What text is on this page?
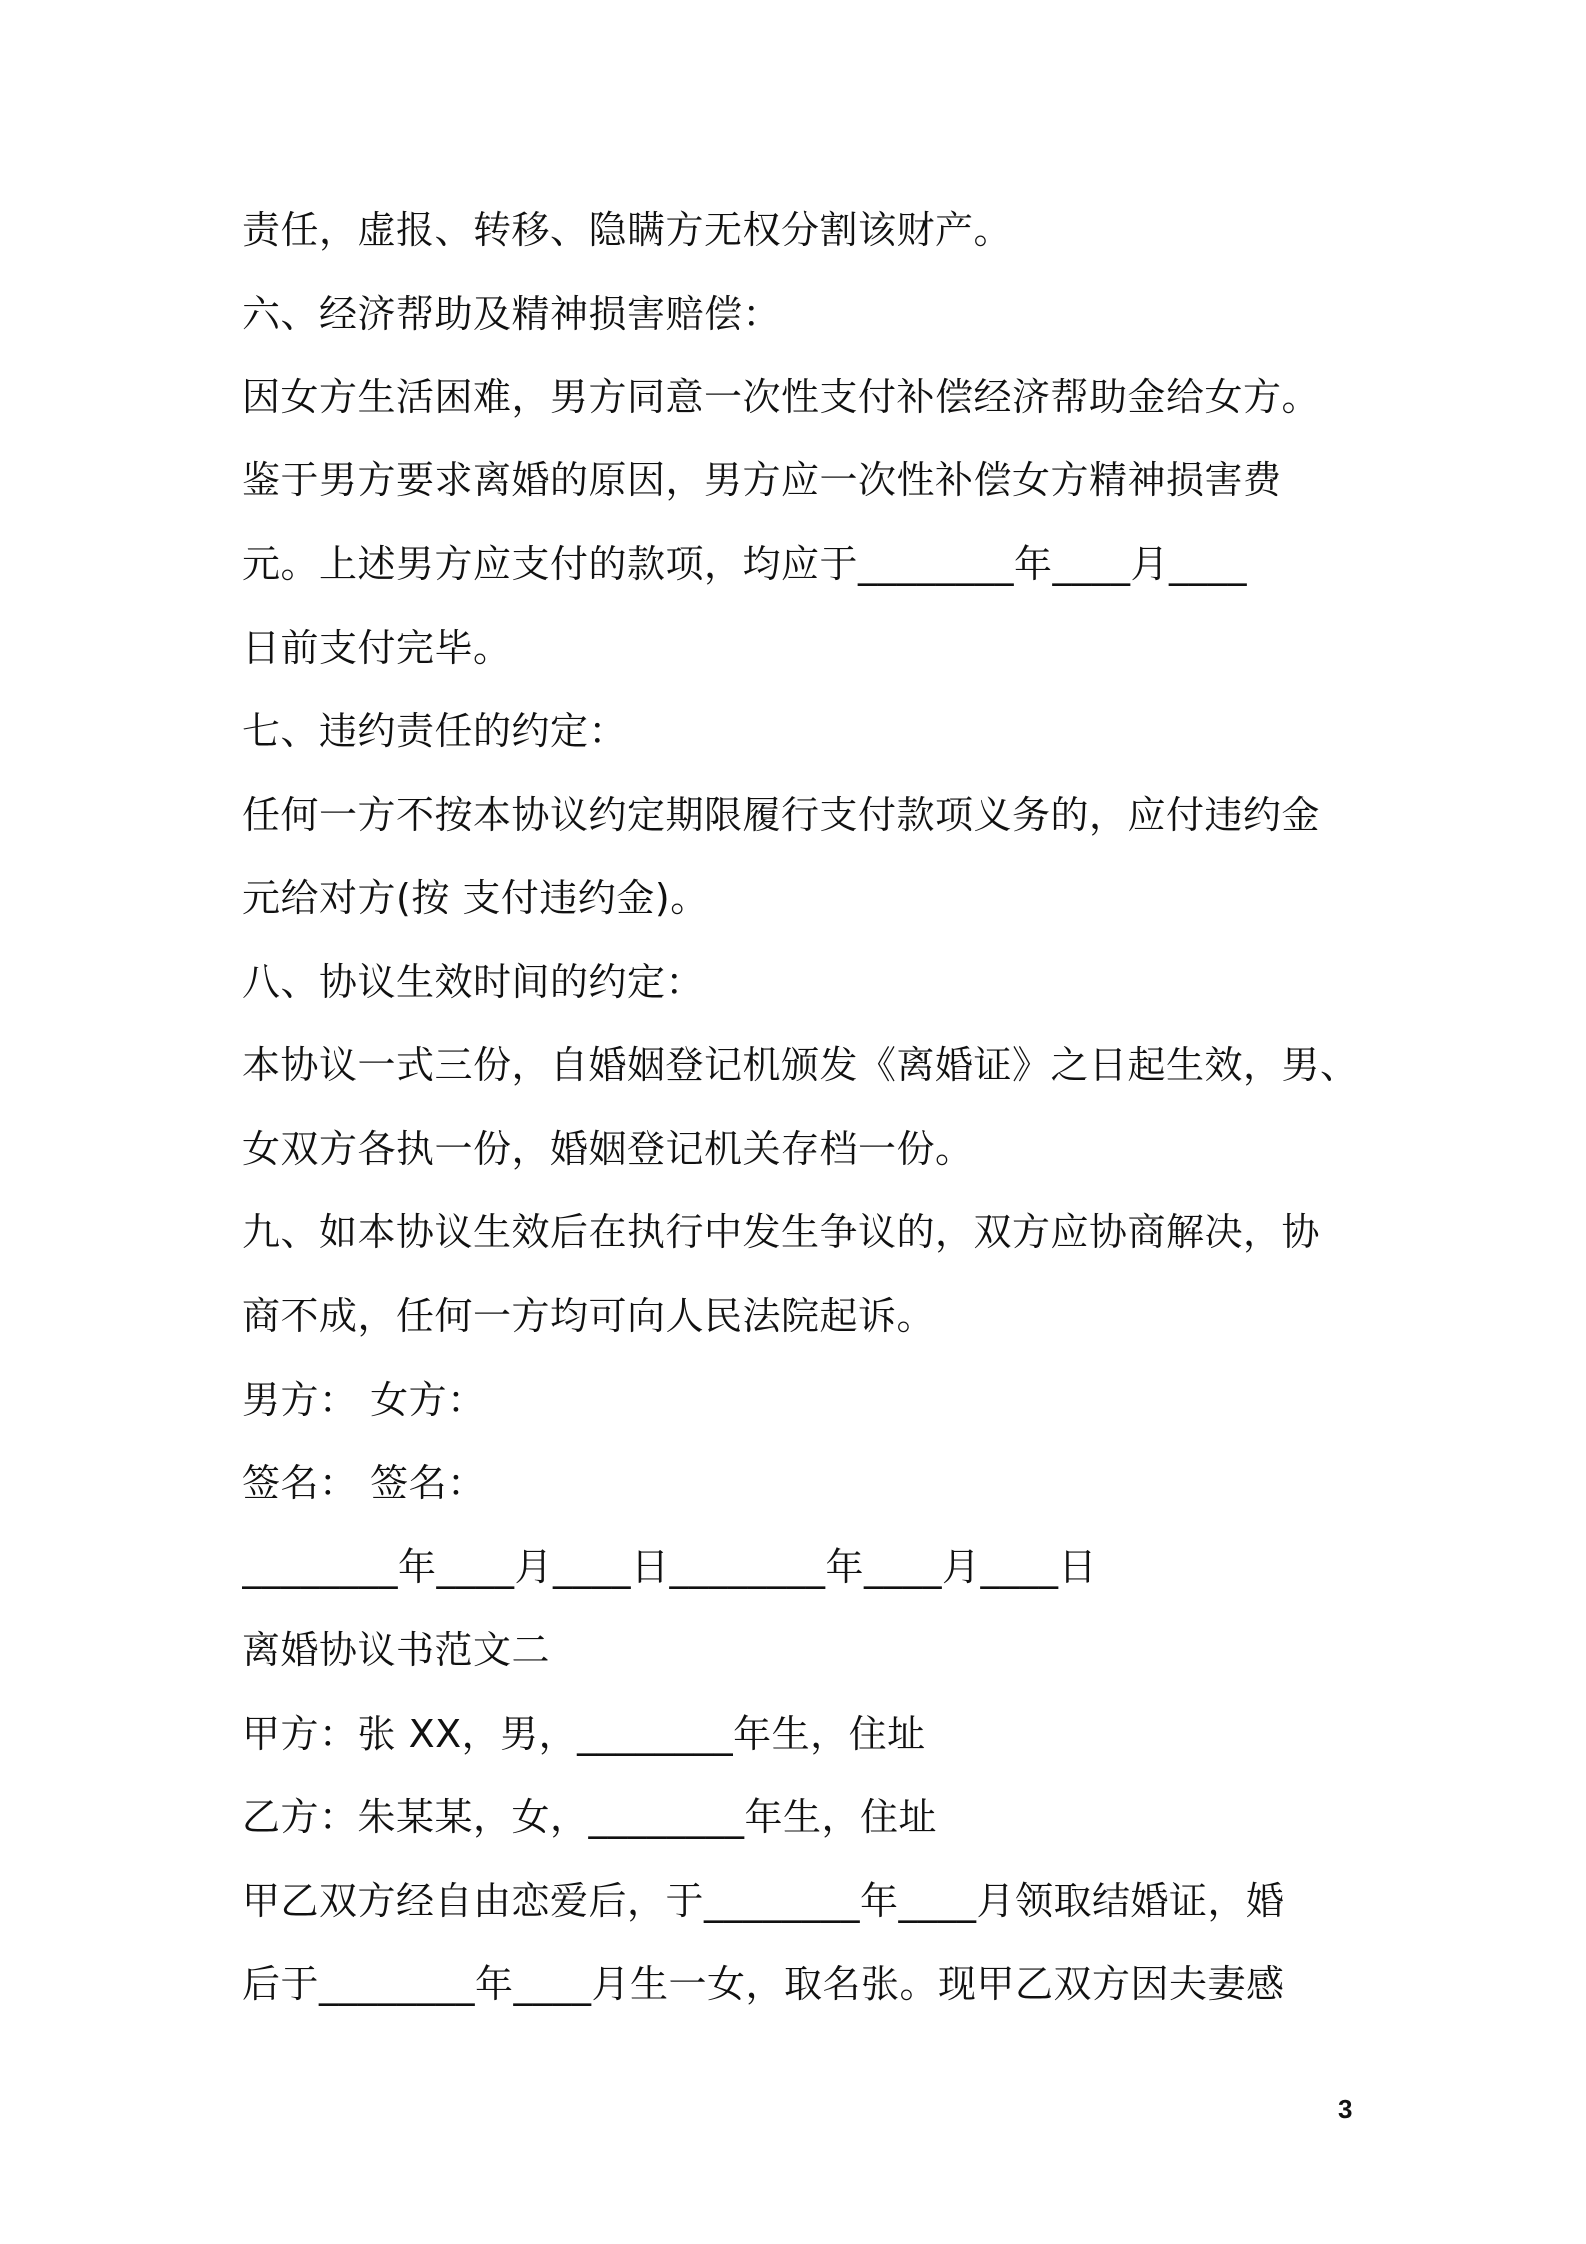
责任，虚报、转移、隐瞒方无权分割该财产。
六、经济帮助及精神损害赔偿：
因女方生活困难，男方同意一次性支付补偿经济帮助金给女方。
鉴于男方要求离婚的原因，男方应一次性补偿女方精神损害费
元。上述男方应支付的款项，均应于________年____月____
日前支付完毕。
七、违约责任的约定：
任何一方不按本协议约定期限履行支付款项义务的，应付违约金
元给对方(按 支付违约金)。
八、协议生效时间的约定：
本协议一式三份，自婚姻登记机颁发《离婚证》之日起生效，男、
女双方各执一份，婚姻登记机关存档一份。
九、如本协议生效后在执行中发生争议的，双方应协商解决，协
商不成，任何一方均可向人民法院起诉。
男方： 女方：
签名： 签名：
________年____月____日________年____月____日
离婚协议书范文二
甲方：张 XX，男，________年生，住址
乙方：朱某某，女，________年生，住址
甲乙双方经自由恋爱后，于________年____月领取结婚证，婚
后于________年____月生一女，取名张。现甲乙双方因夫妻感
3
